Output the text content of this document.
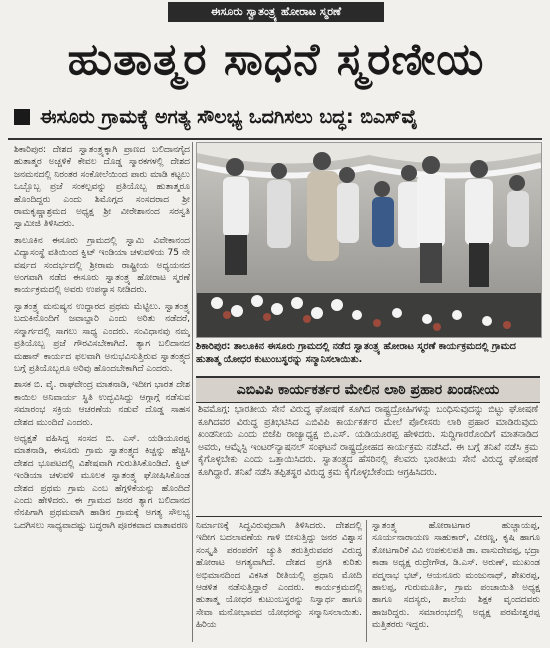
ಈಸೂರು ಸ್ವಾತಂತ್ರ್ಯ ಹೋರಾಟ ಸ್ಮರಣೆ
ಹುತಾತ್ಮರ ಸಾಧನೆ ಸ್ಮರಣೀಯ
ಈಸೂರು ಗ್ರಾಮಕ್ಕೆ ಅಗತ್ಯ ಸೌಲಭ್ಯ ಒದಗಿಸಲು ಬದ್ಧ: ಬಿಎಸ್‌ವೈ

ಶಿಕಾರಿಪುರ: ದೇಶದ ಸ್ವಾತಂತ್ರ್ಯಕ್ಕಾಗಿ ಪ್ರಾಣದ ಬಲಿದಾನಗೈದ ಹುತಾತ್ಮರ ಅಚ್ಚಳಿಕೆ ಕೇವಲ ದೊಡ್ಡ ಸ್ಮಾರಕಗಳಲ್ಲಿ ದೇಶದ ಜನಮನದಲ್ಲಿ ನಿರಂತರ ಸಂಕೋಲೆಯಿಂದ ಪಾರು ಮಾಡಿ ಕಟ್ಟಲು ಒಬ್ಬೊಬ್ಬ ಪ್ರಜೆ ಸಂಕಲ್ಪವನ್ನು ಪ್ರತಿಯೊಬ್ಬ ಹುತಾತ್ಮರೂ ಹೊಂದಿದ್ದರು ಎಂದು ಶಿಮೊಗ್ಗದ ಸಂಸದರಾದ ಶ್ರೀ ರಾಮಕೃಷ್ಣಾಶ್ರಮದ ಅಧ್ಯಕ್ಷ ಶ್ರೀ ವೀರೇಶಾನಂದ ಸರಸ್ವತಿ ಸ್ವಾಮೀಜಿ ತಿಳಿಸಿದರು.

ತಾಲೂಕಿನ ಈಸೂರು ಗ್ರಾಮದಲ್ಲಿ ಸ್ವಾಮಿ ವಿವೇಕಾನಂದ ವಿದ್ಯಾಸಂಸ್ಥೆ ವತಿಯಿಂದ ಕ್ವಿಟ್ ಇಂಡಿಯಾ ಚಳುವಳಿಯ 75 ನೇ ವರ್ಷದ ಸಂದರ್ಭದಲ್ಲಿ ಶ್ರೀರಾಮ ರಾಷ್ಟ್ರೀಯ ಅಧ್ಯಯನದ ಅಂಗವಾಗಿ ನಡೆದ ಈಸೂರು ಸ್ವಾತಂತ್ರ್ಯ ಹೋರಾಟ ಸ್ಮರಣೆ ಕಾರ್ಯಕ್ರಮದಲ್ಲಿ ಅವರು ಉಪನ್ಯಾಸ ನೀಡಿದರು.

ಸ್ವಾತಂತ್ರ್ಯ ಮನುಷ್ಯನ ಉದ್ದಾರದ ಪ್ರಥಮ ಮೆಟ್ಟಿಲು. ಸ್ವಾತಂತ್ರ್ಯ ಬದುಕಿನೊಂದಿಗೆ ಜವಾಬ್ದಾರಿ ಎಂದು ಅರಿತು ನಡೆದರೆ, ಸನ್ಮಾರ್ಗದಲ್ಲಿ ಸಾಗಲು ಸಾಧ್ಯ ಎಂದರು. ಸಂವಿಧಾನವು ನಮ್ಮ ಪ್ರತಿಯೊಬ್ಬ ಪ್ರಜೆ ಗೌರವಿಸಬೇಕಾಗಿದೆ. ತ್ಯಾಗ ಬಲಿದಾನದ ಮಹಾನ್ ಕಾರ್ಯದ ಫಲವಾಗಿ ಅನುಭವಿಸುತ್ತಿರುವ ಸ್ವಾತಂತ್ರ್ಯದ ಬಗ್ಗೆ ಪ್ರತಿಯೊಬ್ಬರೂ ಅರಿವು ಹೊಂದಬೇಕಾಗಿದೆ ಎಂದರು.

ಶಾಸಕ ಬಿ. ವೈ. ರಾಘವೇಂದ್ರ ಮಾತನಾಡಿ, ಇದೀಗ ಭಾರತ ದೇಶ ಕಾಯಿಲ ಅನಿವಾರ್ಯ ಸ್ಥಿತಿ ಉದ್ಭವಿಸಿದ್ದು ಆಗ್ಗಾಗ್ಗೆ ನಡೆಸುವ ಸಮಾರಂಭ ಸಕ್ರಿಯ ಆಚರಣೆಯ ನಡುವೆ ದೊಡ್ಡ ಸಾಹಸ ದೇಶದ ಮುಂದಿದೆ ಎಂದರು.

ಅಧ್ಯಕ್ಷತೆ ವಹಿಸಿದ್ದ ಸಂಸದ ಬಿ. ಎಸ್. ಯಡಿಯೂರಪ್ಪ ಮಾತನಾಡಿ, ಈಸೂರು ಗ್ರಾಮ ಸ್ವಾತಂತ್ರ್ಯದ ಕಿಚ್ಚನ್ನು ಹೆಚ್ಚಿಸಿ ದೇಶದ ಭೂಪಟದಲ್ಲಿ ವಿಶೇಷವಾಗಿ ಗುರುತಿಸಿಕೊಂಡಿದೆ. ಕ್ವಿಟ್ ಇಂಡಿಯಾ ಚಳುವಳಿ ಮೂಲಕ ಸ್ವಾತಂತ್ರ್ಯ ಘೋಷಿಸಿಕೊಂಡ ದೇಶದ ಪ್ರಥಮ ಗ್ರಾಮ ಎಂಬ ಹೆಗ್ಗಳಿಕೆಯನ್ನು ಹೊಂದಿದೆ ಎಂದು ಹೇಳಿದರು. ಈ ಗ್ರಾಮದ ಜನರ ತ್ಯಾಗ ಬಲಿದಾನದ ನೆನಪಿಗಾಗಿ ಪ್ರಥಮವಾಗಿ ಹಾಡಿನ ಗ್ರಾಮಕ್ಕೆ ಅಗತ್ಯ ಸೌಲಭ್ಯ ಒದಗಿಸಲು ಸಾಧ್ಯವಾದಷ್ಟು ಬದ್ಧರಾಗಿ ಪೂರಕವಾದ ವಾತಾವರಣ

ಶಿಕಾರಿಪುರ: ತಾಲೂಕಿನ ಈಸೂರು ಗ್ರಾಮದಲ್ಲಿ ನಡೆದ ಸ್ವಾತಂತ್ರ್ಯ ಹೋರಾಟ ಸ್ಮರಣೆ ಕಾರ್ಯಕ್ರಮದಲ್ಲಿ ಗ್ರಾಮದ ಹುತಾತ್ಮ ಯೋಧರ ಕುಟುಂಬಸ್ಥರನ್ನು ಸನ್ಮಾನಿಸಲಾಯಿತು.
ಎಬಿವಿಪಿ ಕಾರ್ಯಕರ್ತರ ಮೇಲಿನ ಲಾಠಿ ಪ್ರಹಾರ ಖಂಡನೀಯ
ಶಿವಮೊಗ್ಗ: ಭಾರತೀಯ ಸೇನೆ ವಿರುದ್ಧ ಘೋಷಣೆ ಕೂಗಿದ ರಾಷ್ಟ್ರದ್ರೋಹಿಗಳನ್ನು ಬಂಧಿಸುವುದನ್ನು ಬಿಟ್ಟು ಘೋಷಣೆ ಕೂಗಿದವರ ವಿರುದ್ಧ ಪ್ರತಿಭಟಿಸಿದ ಎಬಿವಿಪಿ ಕಾರ್ಯಕರ್ತರ ಮೇಲೆ ಪೊಲೀಸರು ಲಾಠಿ ಪ್ರಹಾರ ಮಾಡಿರುವುದು ಖಂಡನೀಯ ಎಂದು ಬಿಜೆಪಿ ರಾಜ್ಯಾಧ್ಯಕ್ಷ ಬಿ.ಎಸ್. ಯಡಿಯೂರಪ್ಪ ಹೇಳಿದರು. ಸುದ್ದಿಗಾರರೊಂದಿಗೆ ಮಾತನಾಡಿದ ಅವರು, ಆಮ್ನೆಸ್ಟಿ ಇಂಟರ್‌ನ್ಯಾಷನಲ್ ಸಂಘಟನೆ ರಾಷ್ಟ್ರದ್ರೋಹದ ಕಾರ್ಯಕ್ರಮ ನಡೆಸಿದೆ. ಈ ಬಗ್ಗೆ ತನಿಖೆ ನಡೆಸಿ ಕ್ರಮ ಕೈಗೊಳ್ಳಬೇಕು ಎಂದು ಒತ್ತಾಯಿಸಿದರು. ಸ್ವಾತಂತ್ರ್ಯದ ಹೆಸರಿನಲ್ಲಿ ಕೆಲವರು ಭಾರತೀಯ ಸೇನೆ ವಿರುದ್ಧ ಘೋಷಣೆ ಕೂಗಿದ್ದಾರೆ. ತನಿಖೆ ನಡೆಸಿ ತಪ್ಪಿತಸ್ಥರ ವಿರುದ್ಧ ಕ್ರಮ ಕೈಗೊಳ್ಳಬೇಕೆಂದು ಆಗ್ರಹಿಸಿದರು.
ನಿರ್ಮಾಣಕ್ಕೆ ಸಿದ್ಧವಿರುವುದಾಗಿ ತಿಳಿಸಿದರು. ದೇಶದಲ್ಲಿ ಇದೀಗ ಬದಲಾವಣೆಯ ಗಾಳಿ ಬೀಸುತ್ತಿದ್ದು ಜನರ ವಿಶ್ವಾಸ ಸಂಸ್ಕೃತಿ ಪರಂಪರೆಗೆ ಚ್ಯುತಿ ತರುತ್ತಿರುವವರ ವಿರುದ್ಧ ಹೋರಾಟ ಅಗತ್ಯವಾಗಿದೆ. ದೇಶದ ಪ್ರಗತಿ ಕುರಿತು ಅಭಿಮಾನದಿಂದ ವಿಕಸಿತ ರೀತಿಯಲ್ಲಿ ಪ್ರಧಾನಿ ಮೋದಿ ಆಡಳಿತ ನಡೆಸುತ್ತಿದ್ದಾರೆ ಎಂದರು. ಕಾರ್ಯಕ್ರಮದಲ್ಲಿ ಹುತಾತ್ಮ ಯೋಧರ ಕುಟುಂಬಸ್ಥರನ್ನು ನಿಸ್ವಾರ್ಥ ಹಾಗೂ ಸೇವಾ ಮನೋಭಾವದ ಯೋಧರನ್ನು ಸನ್ಮಾನಿಸಲಾಯಿತು. ಹಿರಿಯ
ಸ್ವಾತಂತ್ರ್ಯ ಹೋರಾಟಗಾರ ಹುಚ್ಚಾಯಪ್ಪ, ಸೂರ್ಯನಾರಾಯಣ ಸಾಹುಕಾರ್, ವೀರಣ್ಣ, ಕೃಷಿ ಹಾಗೂ ತೋಟಗಾರಿಕೆ ವಿವಿ ಉಪಕುಲಪತಿ ಡಾ. ವಾಸುದೇವಪ್ಪ, ಭದ್ರಾ ಕಾಡಾ ಅಧ್ಯಕ್ಷ ರುದ್ರೇಗೌಡ, ಡಿ.ಎಸ್. ಅರುಣ್, ಮುಖಂಡ ಪದ್ಮನಾಭ ಭಟ್, ಆಯನೂರು ಮಂಜುನಾಥ್, ಶೇಖರಪ್ಪ, ಹಾಲಪ್ಪ, ಗುರುಮೂರ್ತಿ, ಗ್ರಾಮ ಪಂಚಾಯಿತಿ ಅಧ್ಯಕ್ಷ ಹಾಗೂ ಸದಸ್ಯರು, ಶಾಲೆಯ ಶಿಕ್ಷಕ ವೃಂದದವರು ಹಾಜರಿದ್ದರು. ಸಮಾರಂಭದಲ್ಲಿ ಅಧ್ಯಕ್ಷ ಪರಮೇಶ್ವರಪ್ಪ ಮತ್ತಿತರರು ಇದ್ದರು.
